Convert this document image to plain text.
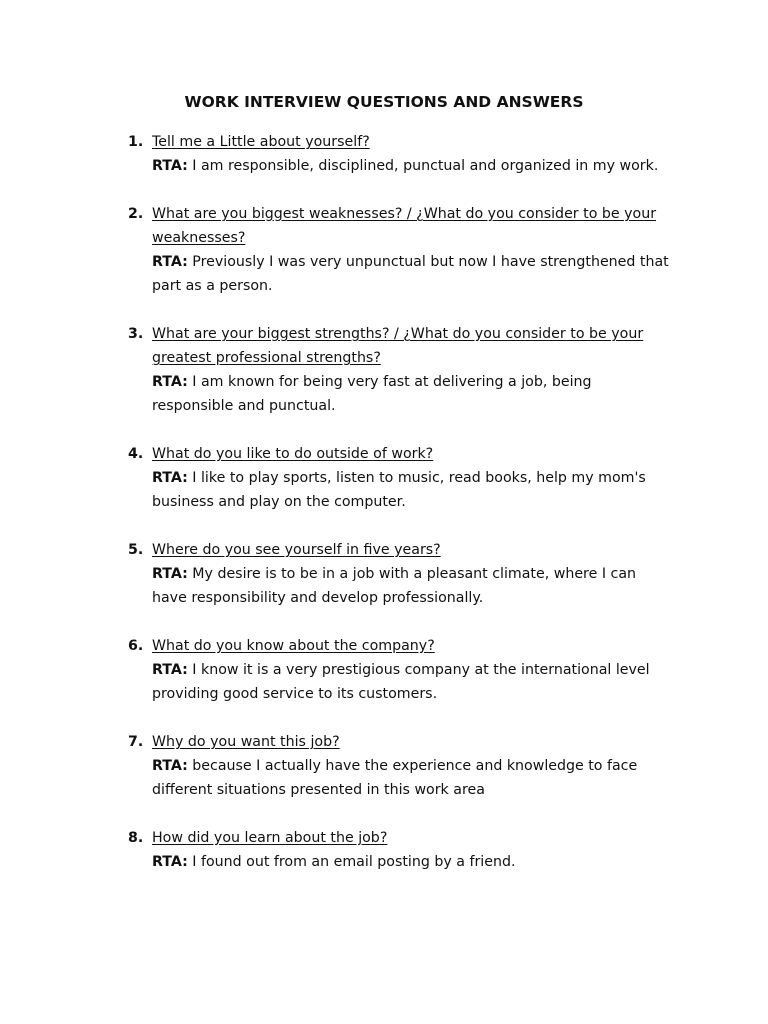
WORK INTERVIEW QUESTIONS AND ANSWERS
1. Tell me a Little about yourself?
RTA: I am responsible, disciplined, punctual and organized in my work.
2. What are you biggest weaknesses? / ¿What do you consider to be your weaknesses?
RTA: Previously I was very unpunctual but now I have strengthened that part as a person.
3. What are your biggest strengths? / ¿What do you consider to be your greatest professional strengths?
RTA: I am known for being very fast at delivering a job, being responsible and punctual.
4. What do you like to do outside of work?
RTA: I like to play sports, listen to music, read books, help my mom's business and play on the computer.
5. Where do you see yourself in five years?
RTA: My desire is to be in a job with a pleasant climate, where I can have responsibility and develop professionally.
6. What do you know about the company?
RTA: I know it is a very prestigious company at the international level providing good service to its customers.
7. Why do you want this job?
RTA: because I actually have the experience and knowledge to face different situations presented in this work area
8. How did you learn about the job?
RTA: I found out from an email posting by a friend.
